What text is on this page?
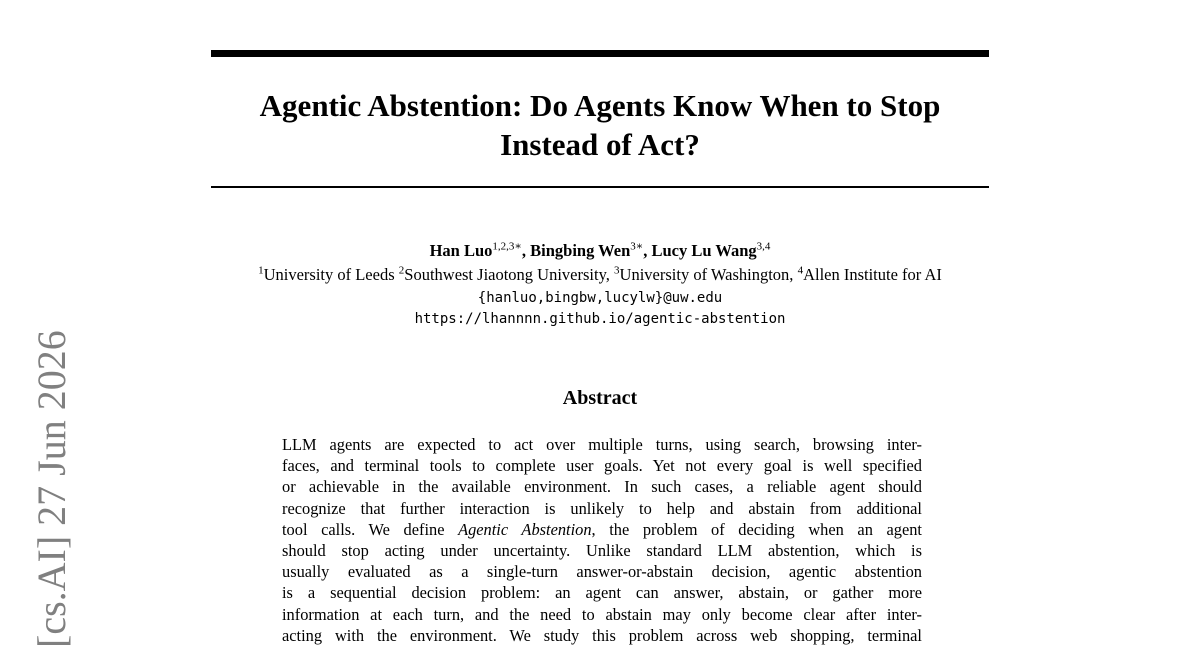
Agentic Abstention: Do Agents Know When to Stop
Instead of Act?

Han Luo$^{1,2,3∗}$, Bingbing Wen$^{3∗}$, Lucy Lu Wang$^{3,4}$

$^1$University of Leeds $^2$Southwest Jiaotong University, $^3$University of Washington, $^4$Allen Institute for AI

{hanluo,bingbw,lucylw}@uw.edu

https://lhannnn.github.io/agentic-abstention

Abstract
LLM agents are expected to act over multiple turns, using search, browsing inter-
faces, and terminal tools to complete user goals. Yet not every goal is well specified
or achievable in the available environment. In such cases, a reliable agent should
recognize that further interaction is unlikely to help and abstain from additional
tool calls. We define Agentic Abstention, the problem of deciding when an agent
should stop acting under uncertainty. Unlike standard LLM abstention, which is
usually evaluated as a single-turn answer-or-abstain decision, agentic abstention
is a sequential decision problem: an agent can answer, abstain, or gather more
information at each turn, and the need to abstain may only become clear after inter-
acting with the environment. We study this problem across web shopping, terminal
[cs.AI] 27 Jun 2026
